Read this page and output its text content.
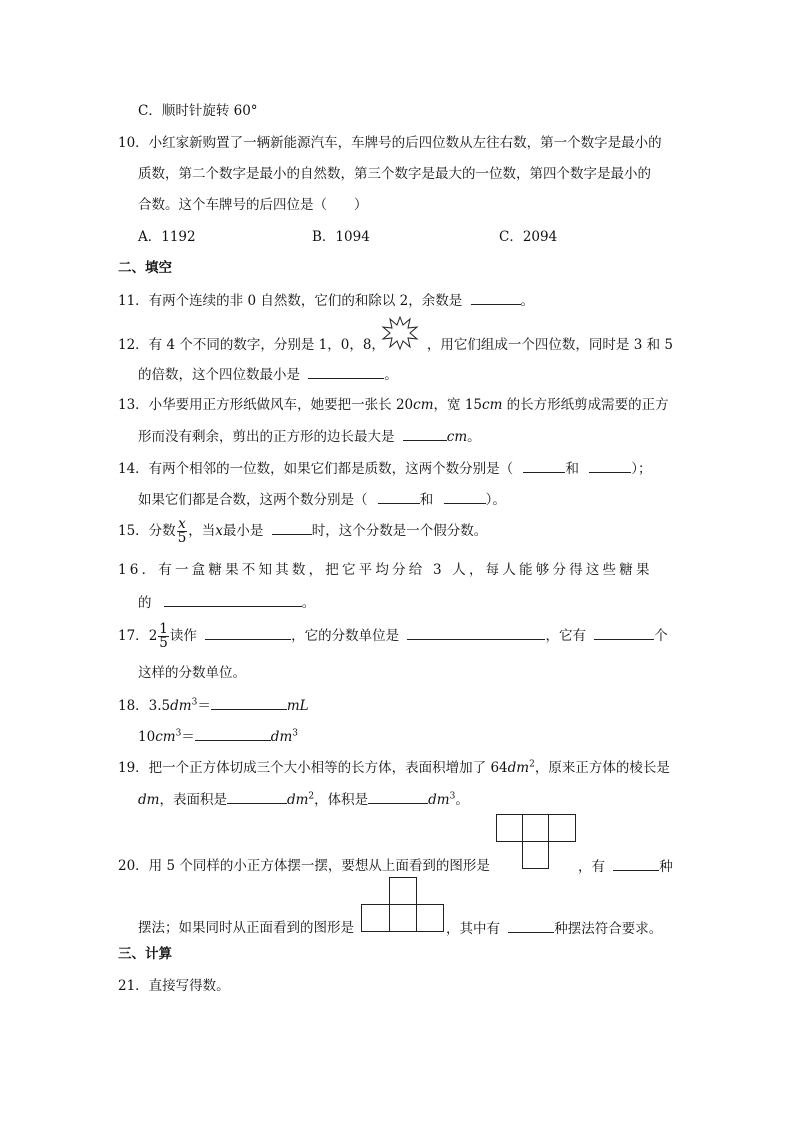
C．顺时针旋转 60°
10．小红家新购置了一辆新能源汽车，车牌号的后四位数从左往右数，第一个数字是最小的
质数，第二个数字是最小的自然数，第三个数字是最大的一位数，第四个数字是最小的
合数。这个车牌号的后四位是（　　）
A．1192	B．1094	C．2094
二、填空
11．有两个连续的非 0 自然数，它们的和除以 2，余数是	。
12．有 4 个不同的数字，分别是 1，0，8，	，用它们组成一个四位数，同时是 3 和 5
的倍数，这个四位数最小是	。
13．小华要用正方形纸做风车，她要把一张长 20cm，宽 15cm 的长方形纸剪成需要的正方
形而没有剩余，剪出的正方形的边长最大是	cm。
14．有两个相邻的一位数，如果它们都是质数，这两个数分别是（	和	）；
如果它们都是合数，这两个数分别是（	和	）。
15．分数 $\frac{x}{5}$ ，当x最小是	时，这个分数是一个假分数。
16．有一盒糖果不知其数，把它平均分给 3 人，每人能够分得这些糖果
的	。
17．$2 \frac{1}{5}$ 读作	，它的分数单位是	，它有	个
这样的分数单位。
18．$3.5dm^3=$	mL
$10cm^3=$	$dm^3$
19．把一个正方体切成三个大小相等的长方体，表面积增加了 $64dm^2$，原来正方体的棱长是
dm，表面积是	$dm^2$，体积是	$dm^3$。
20．用 5 个同样的小正方体摆一摆，要想从上面看到的图形是	，有	种
摆法；如果同时从正面看到的图形是	，其中有	种摆法符合要求。
三、计算
21．直接写得数。
